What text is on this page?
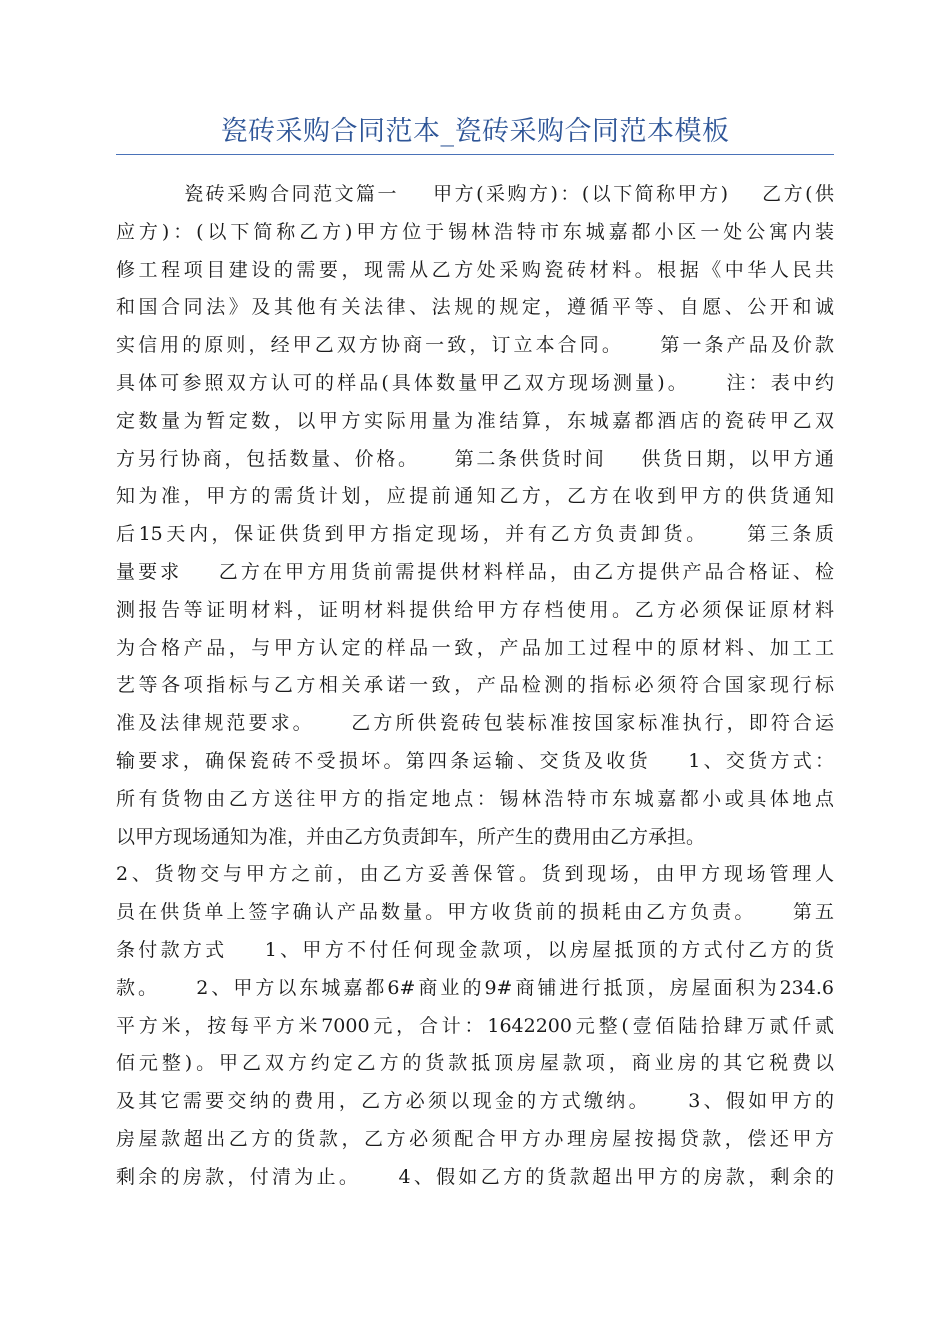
瓷砖采购合同范本_瓷砖采购合同范本模板
瓷砖采购合同范文篇一    甲方(采购方)：(以下简称甲方)    乙方(供
应方)：(以下简称乙方)甲方位于锡林浩特市东城嘉都小区一处公寓内装
修工程项目建设的需要，现需从乙方处采购瓷砖材料。根据《中华人民共
和国合同法》及其他有关法律、法规的规定，遵循平等、自愿、公开和诚
实信用的原则，经甲乙双方协商一致，订立本合同。    第一条产品及价款
具体可参照双方认可的样品(具体数量甲乙双方现场测量)。    注：表中约
定数量为暂定数，以甲方实际用量为准结算，东城嘉都酒店的瓷砖甲乙双
方另行协商，包括数量、价格。    第二条供货时间    供货日期，以甲方通
知为准，甲方的需货计划，应提前通知乙方，乙方在收到甲方的供货通知
后15天内，保证供货到甲方指定现场，并有乙方负责卸货。    第三条质
量要求    乙方在甲方用货前需提供材料样品，由乙方提供产品合格证、检
测报告等证明材料，证明材料提供给甲方存档使用。乙方必须保证原材料
为合格产品，与甲方认定的样品一致，产品加工过程中的原材料、加工工
艺等各项指标与乙方相关承诺一致，产品检测的指标必须符合国家现行标
准及法律规范要求。    乙方所供瓷砖包装标准按国家标准执行，即符合运
输要求，确保瓷砖不受损坏。第四条运输、交货及收货    1、交货方式：
所有货物由乙方送往甲方的指定地点：锡林浩特市东城嘉都小或具体地点
以甲方现场通知为准，并由乙方负责卸车，所产生的费用由乙方承担。
2、货物交与甲方之前，由乙方妥善保管。货到现场，由甲方现场管理人
员在供货单上签字确认产品数量。甲方收货前的损耗由乙方负责。    第五
条付款方式    1、甲方不付任何现金款项，以房屋抵顶的方式付乙方的货
款。    2、甲方以东城嘉都6#商业的9#商铺进行抵顶，房屋面积为234.6
平方米，按每平方米7000元，合计：1642200元整(壹佰陆拾肆万贰仟贰
佰元整)。甲乙双方约定乙方的货款抵顶房屋款项，商业房的其它税费以
及其它需要交纳的费用，乙方必须以现金的方式缴纳。    3、假如甲方的
房屋款超出乙方的货款，乙方必须配合甲方办理房屋按揭贷款，偿还甲方
剩余的房款，付清为止。    4、假如乙方的货款超出甲方的房款，剩余的
